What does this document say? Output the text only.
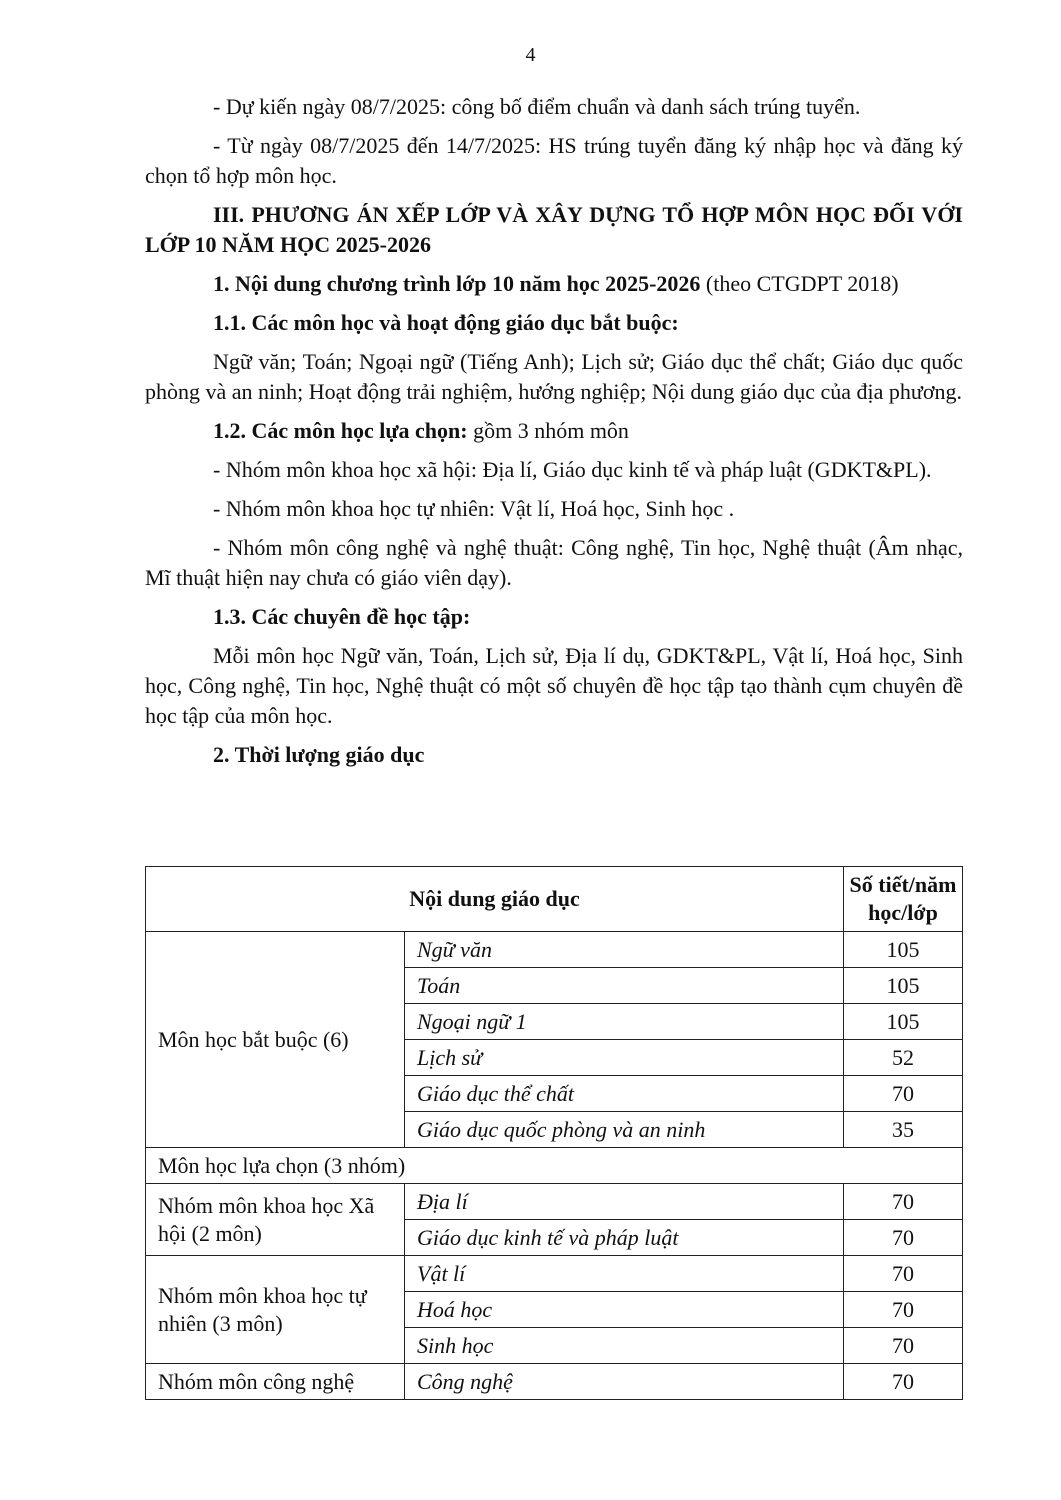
4

- Dự kiến ngày 08/7/2025: công bố điểm chuẩn và danh sách trúng tuyển.

- Từ ngày 08/7/2025 đến 14/7/2025: HS trúng tuyển đăng ký nhập học và đăng ký chọn tổ hợp môn học.

III. PHƯƠNG ÁN XẾP LỚP VÀ XÂY DỰNG TỔ HỢP MÔN HỌC ĐỐI VỚI LỚP 10 NĂM HỌC 2025-2026

1. Nội dung chương trình lớp 10 năm học 2025-2026 (theo CTGDPT 2018)

1.1. Các môn học và hoạt động giáo dục bắt buộc:

Ngữ văn; Toán; Ngoại ngữ (Tiếng Anh); Lịch sử; Giáo dục thể chất; Giáo dục quốc phòng và an ninh; Hoạt động trải nghiệm, hướng nghiệp; Nội dung giáo dục của địa phương.

1.2. Các môn học lựa chọn: gồm 3 nhóm môn

- Nhóm môn khoa học xã hội: Địa lí, Giáo dục kinh tế và pháp luật (GDKT&PL).

- Nhóm môn khoa học tự nhiên: Vật lí, Hoá học, Sinh học .

- Nhóm môn công nghệ và nghệ thuật: Công nghệ, Tin học, Nghệ thuật (Âm nhạc, Mĩ thuật hiện nay chưa có giáo viên dạy).

1.3. Các chuyên đề học tập:

Mỗi môn học Ngữ văn, Toán, Lịch sử, Địa lí dụ, GDKT&PL, Vật lí, Hoá học, Sinh học, Công nghệ, Tin học, Nghệ thuật có một số chuyên đề học tập tạo thành cụm chuyên đề học tập của môn học.

2. Thời lượng giáo dục

Nội dung giáo dục		Số tiết/năm học/lớp
Môn học bắt buộc (6)	Ngữ văn	105
	Toán	105
	Ngoại ngữ 1	105
	Lịch sử	52
	Giáo dục thể chất	70
	Giáo dục quốc phòng và an ninh	35
Môn học lựa chọn (3 nhóm)		
Nhóm môn khoa học Xã hội (2 môn)	Địa lí	70
	Giáo dục kinh tế và pháp luật	70
Nhóm môn khoa học tự nhiên (3 môn)	Vật lí	70
	Hoá học	70
	Sinh học	70
Nhóm môn công nghệ	Công nghệ	70
